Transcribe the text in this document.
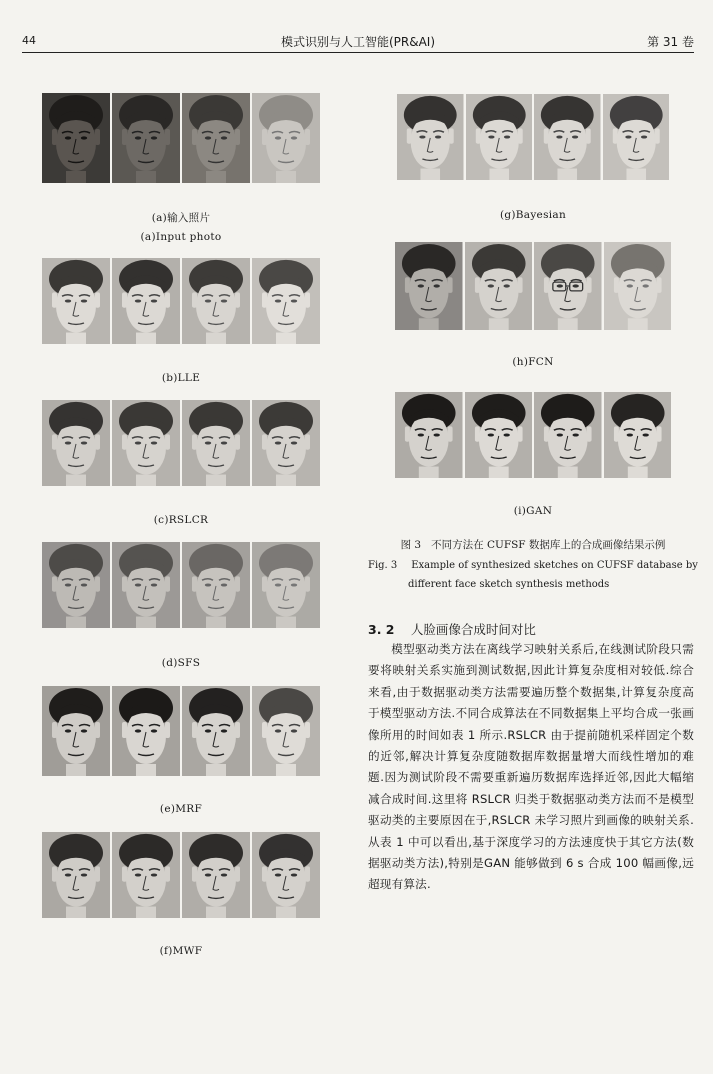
44	模式识别与人工智能(PR&AI)	第 31 卷
(a)输入照片
(a)Input photo
(b)LLE
(c)RSLCR
(d)SFS
(e)MRF
(f)MWF
(g)Bayesian
(h)FCN
(i)GAN
图 3 不同方法在 CUFSF 数据库上的合成画像结果示例
Fig. 3 Example of synthesized sketches on CUFSF database by
different face sketch synthesis methods
3. 2 人脸画像合成时间对比
模型驱动类方法在离线学习映射关系后,在线测试阶段只需要将映射关系实施到测试数据,因此计算复杂度相对较低.综合来看,由于数据驱动类方法需要遍历整个数据集,计算复杂度高于模型驱动方法.不同合成算法在不同数据集上平均合成一张画像所用的时间如表 1 所示.RSLCR 由于提前随机采样固定个数的近邻,解决计算复杂度随数据库数据量增大而线性增加的难题.因为测试阶段不需要重新遍历数据库选择近邻,因此大幅缩减合成时间.这里将 RSLCR 归类于数据驱动类方法而不是模型驱动类的主要原因在于,RSLCR 未学习照片到画像的映射关系.从表 1 中可以看出,基于深度学习的方法速度快于其它方法(数据驱动类方法),特别是GAN 能够做到 6 s 合成 100 幅画像,远超现有算法.
